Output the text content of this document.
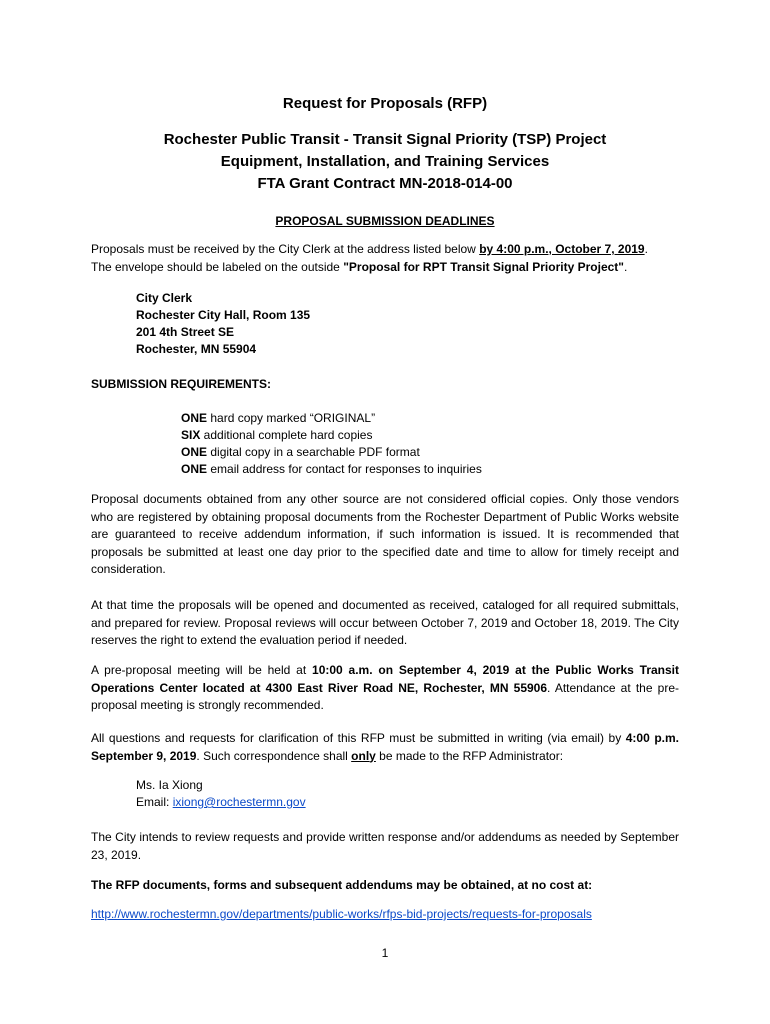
Request for Proposals (RFP)
Rochester Public Transit - Transit Signal Priority (TSP) Project
Equipment, Installation, and Training Services
FTA Grant Contract MN-2018-014-00
PROPOSAL SUBMISSION DEADLINES
Proposals must be received by the City Clerk at the address listed below by 4:00 p.m., October 7, 2019.
The envelope should be labeled on the outside "Proposal for RPT Transit Signal Priority Project".
City Clerk
Rochester City Hall, Room 135
201 4th Street SE
Rochester, MN 55904
SUBMISSION REQUIREMENTS:
ONE hard copy marked “ORIGINAL”
SIX additional complete hard copies
ONE digital copy in a searchable PDF format
ONE email address for contact for responses to inquiries
Proposal documents obtained from any other source are not considered official copies. Only those vendors who are registered by obtaining proposal documents from the Rochester Department of Public Works website are guaranteed to receive addendum information, if such information is issued. It is recommended that proposals be submitted at least one day prior to the specified date and time to allow for timely receipt and consideration.
At that time the proposals will be opened and documented as received, cataloged for all required submittals, and prepared for review. Proposal reviews will occur between October 7, 2019 and October 18, 2019. The City reserves the right to extend the evaluation period if needed.
A pre-proposal meeting will be held at 10:00 a.m. on September 4, 2019 at the Public Works Transit Operations Center located at 4300 East River Road NE, Rochester, MN 55906. Attendance at the pre-proposal meeting is strongly recommended.
All questions and requests for clarification of this RFP must be submitted in writing (via email) by 4:00 p.m. September 9, 2019. Such correspondence shall only be made to the RFP Administrator:
Ms. Ia Xiong
Email: ixiong@rochestermn.gov
The City intends to review requests and provide written response and/or addendums as needed by September 23, 2019.
The RFP documents, forms and subsequent addendums may be obtained, at no cost at:
http://www.rochestermn.gov/departments/public-works/rfps-bid-projects/requests-for-proposals
1
